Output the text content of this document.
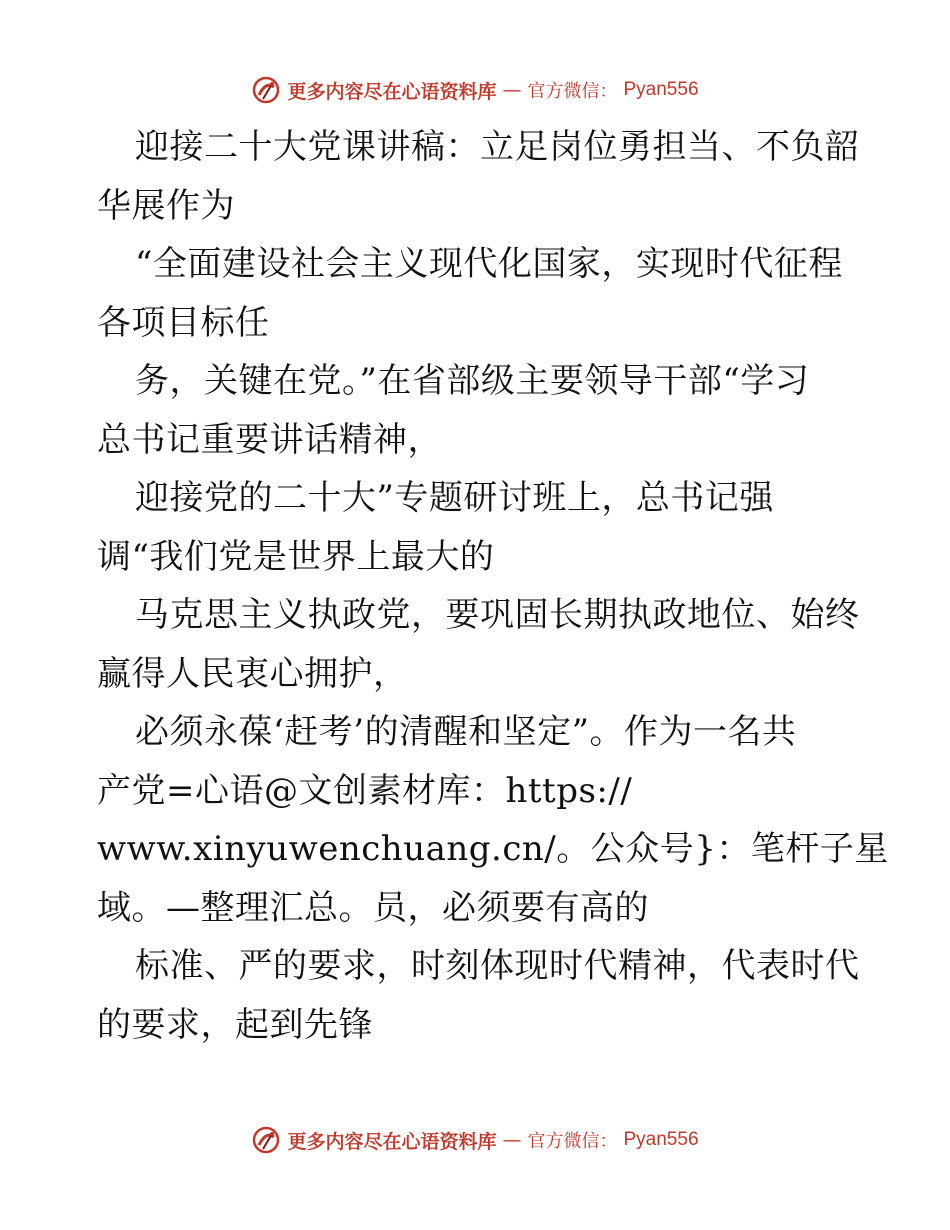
更多内容尽在心语资料库 — 官方微信： Pyan556
迎接二十大党课讲稿：立足岗位勇担当、不负韶
华展作为
“全面建设社会主义现代化国家，实现时代征程
各项目标任
务，关键在党。”在省部级主要领导干部“学习
总书记重要讲话精神，
迎接党的二十大”专题研讨班上，总书记强
调“我们党是世界上最大的
马克思主义执政党，要巩固长期执政地位、始终
赢得人民衷心拥护，
必须永葆‘赶考’的清醒和坚定”。作为一名共
产党=心语@文创素材库：https://
www.xinyuwenchuang.cn/。公众号}：笔杆子星
域。—整理汇总。员，必须要有高的
标准、严的要求，时刻体现时代精神，代表时代
的要求，起到先锋
更多内容尽在心语资料库 — 官方微信： Pyan556
